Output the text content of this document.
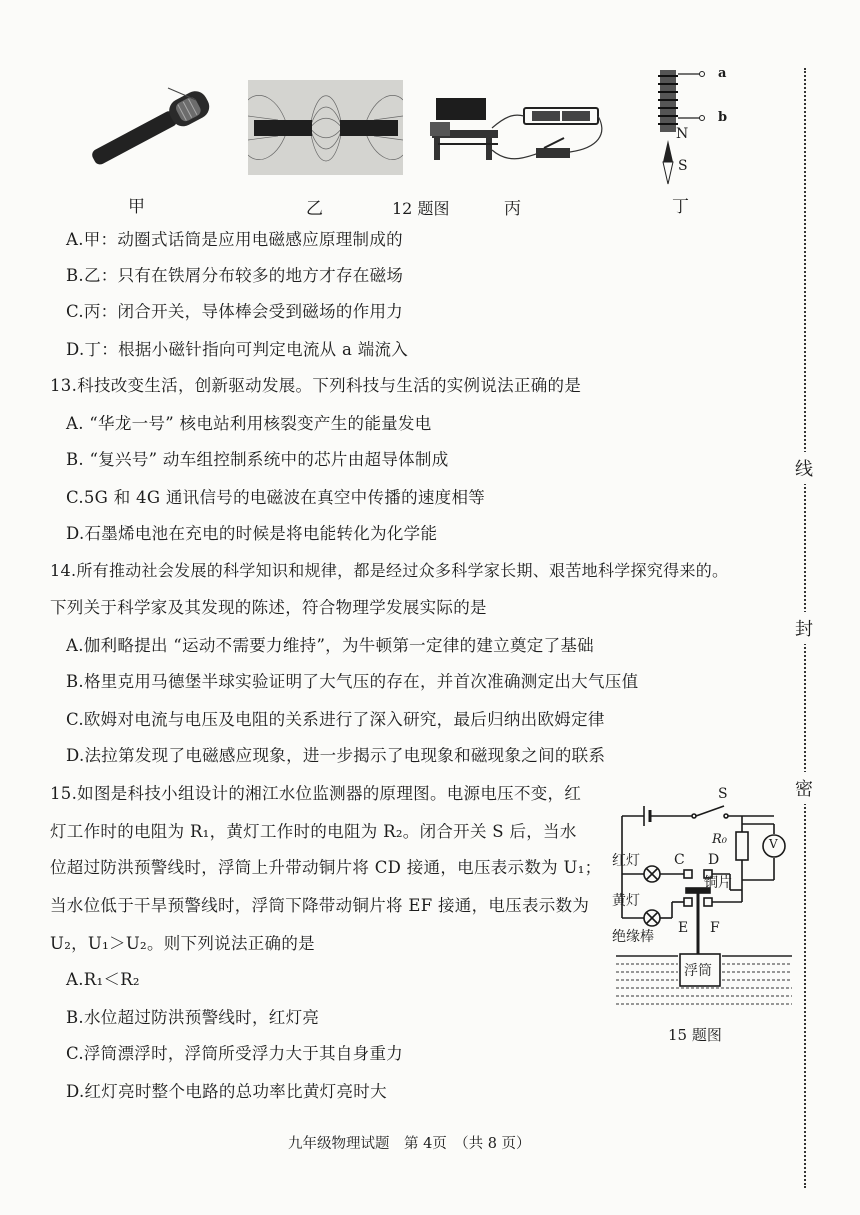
线
封
密
a
b
N
S
甲	乙	12 题图	丙	丁
A.甲：动圈式话筒是应用电磁感应原理制成的
B.乙：只有在铁屑分布较多的地方才存在磁场
C.丙：闭合开关，导体棒会受到磁场的作用力
D.丁：根据小磁针指向可判定电流从 a 端流入
13.科技改变生活，创新驱动发展。下列科技与生活的实例说法正确的是
A. “华龙一号” 核电站利用核裂变产生的能量发电
B. “复兴号” 动车组控制系统中的芯片由超导体制成
C.5G 和 4G 通讯信号的电磁波在真空中传播的速度相等
D.石墨烯电池在充电的时候是将电能转化为化学能
14.所有推动社会发展的科学知识和规律，都是经过众多科学家长期、艰苦地科学探究得来的。
下列关于科学家及其发现的陈述，符合物理学发展实际的是
A.伽利略提出 “运动不需要力维持”，为牛顿第一定律的建立奠定了基础
B.格里克用马德堡半球实验证明了大气压的存在，并首次准确测定出大气压值
C.欧姆对电流与电压及电阻的关系进行了深入研究，最后归纳出欧姆定律
D.法拉第发现了电磁感应现象，进一步揭示了电现象和磁现象之间的联系
15.如图是科技小组设计的湘江水位监测器的原理图。电源电压不变，红
灯工作时的电阻为 R₁，黄灯工作时的电阻为 R₂。闭合开关 S 后，当水
位超过防洪预警线时，浮筒上升带动铜片将 CD 接通，电压表示数为 U₁；
当水位低于干旱预警线时，浮筒下降带动铜片将 EF 接通，电压表示数为
U₂，U₁＞U₂。则下列说法正确的是
A.R₁＜R₂
B.水位超过防洪预警线时，红灯亮
C.浮筒漂浮时，浮筒所受浮力大于其自身重力
D.红灯亮时整个电路的总功率比黄灯亮时大
S
R₀	V
红灯 C D
铜片
黄灯
绝缘棒
E F
浮筒
15 题图
九年级物理试题　第 4页　（共 8 页）
